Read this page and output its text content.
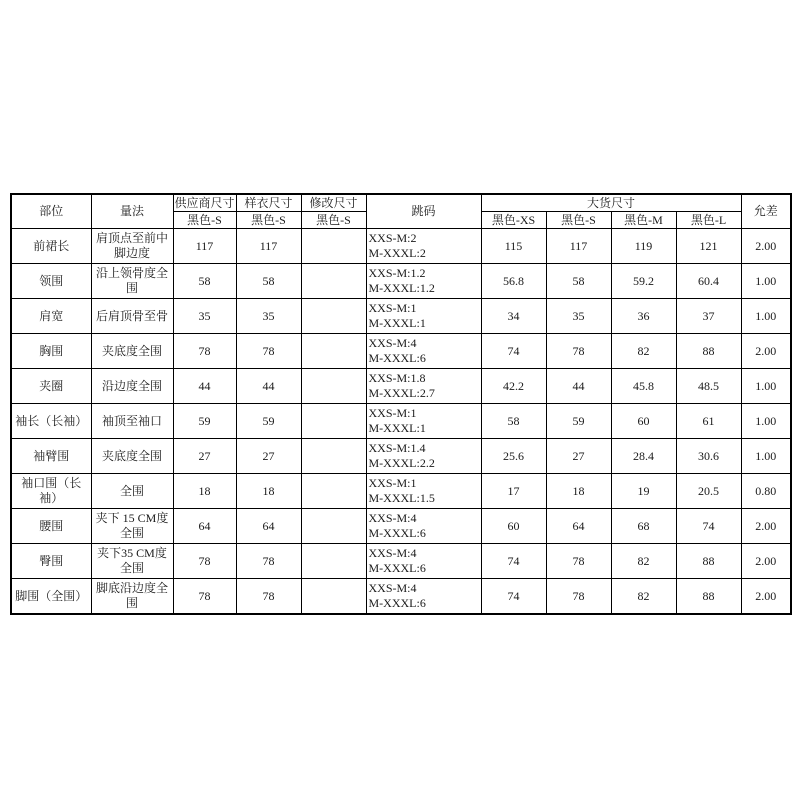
部位	量法	供应商尺寸	样衣尺寸	修改尺寸	跳码	大货尺寸				允差
		黑色-S	黑色-S	黑色-S		黑色-XS	黑色-S	黑色-M	黑色-L	
前裙长	肩顶点至前中脚边度	117	117		XXS-M:2
M-XXXL:2	115	117	119	121	2.00
领围	沿上领骨度全围	58	58		XXS-M:1.2
M-XXXL:1.2	56.8	58	59.2	60.4	1.00
肩宽	后肩顶骨至骨	35	35		XXS-M:1
M-XXXL:1	34	35	36	37	1.00
胸围	夹底度全围	78	78		XXS-M:4
M-XXXL:6	74	78	82	88	2.00
夹圈	沿边度全围	44	44		XXS-M:1.8
M-XXXL:2.7	42.2	44	45.8	48.5	1.00
袖长（长袖）	袖顶至袖口	59	59		XXS-M:1
M-XXXL:1	58	59	60	61	1.00
袖臂围	夹底度全围	27	27		XXS-M:1.4
M-XXXL:2.2	25.6	27	28.4	30.6	1.00
袖口围（长袖）	全围	18	18		XXS-M:1
M-XXXL:1.5	17	18	19	20.5	0.80
腰围	夹下 15 CM度全围	64	64		XXS-M:4
M-XXXL:6	60	64	68	74	2.00
臀围	夹下35 CM度全围	78	78		XXS-M:4
M-XXXL:6	74	78	82	88	2.00
脚围（全围）	脚底沿边度全围	78	78		XXS-M:4
M-XXXL:6	74	78	82	88	2.00
